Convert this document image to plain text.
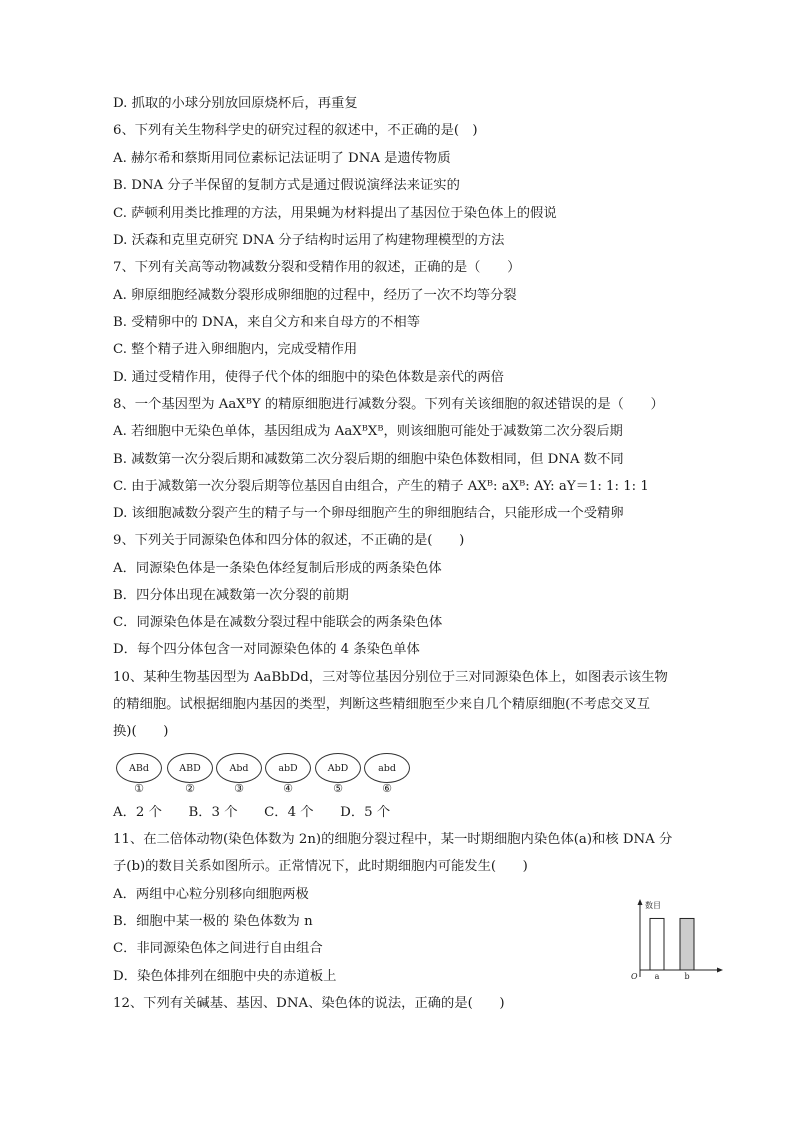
D. 抓取的小球分别放回原烧杯后，再重复
6、下列有关生物科学史的研究过程的叙述中，不正确的是(　)
A. 赫尔希和蔡斯用同位素标记法证明了 DNA 是遗传物质
B. DNA 分子半保留的复制方式是通过假说演绎法来证实的
C. 萨顿利用类比推理的方法，用果蝇为材料提出了基因位于染色体上的假说
D. 沃森和克里克研究 DNA 分子结构时运用了构建物理模型的方法
7、下列有关高等动物减数分裂和受精作用的叙述，正确的是（　　）
A. 卵原细胞经减数分裂形成卵细胞的过程中，经历了一次不均等分裂
B. 受精卵中的 DNA，来自父方和来自母方的不相等
C. 整个精子进入卵细胞内，完成受精作用
D. 通过受精作用，使得子代个体的细胞中的染色体数是亲代的两倍
8、一个基因型为 AaXᴮY 的精原细胞进行减数分裂。下列有关该细胞的叙述错误的是（　　）
A. 若细胞中无染色单体，基因组成为 AaXᴮXᴮ，则该细胞可能处于减数第二次分裂后期
B. 减数第一次分裂后期和减数第二次分裂后期的细胞中染色体数相同，但 DNA 数不同
C. 由于减数第一次分裂后期等位基因自由组合，产生的精子 AXᴮ: aXᴮ: AY: aY＝1: 1: 1: 1
D. 该细胞减数分裂产生的精子与一个卵母细胞产生的卵细胞结合，只能形成一个受精卵
9、下列关于同源染色体和四分体的叙述，不正确的是(　　)
A．同源染色体是一条染色体经复制后形成的两条染色体
B．四分体出现在减数第一次分裂的前期
C．同源染色体是在减数分裂过程中能联会的两条染色体
D．每个四分体包含一对同源染色体的 4 条染色单体
10、某种生物基因型为 AaBbDd，三对等位基因分别位于三对同源染色体上，如图表示该生物
的精细胞。试根据细胞内基因的类型，判断这些精细胞至少来自几个精原细胞(不考虑交叉互
换)(　　)
ABd
①
ABD
②
Abd
③
abD
④
AbD
⑤
abd
⑥
A．2 个　　B．3 个　　C．4 个　　D．5 个
11、在二倍体动物(染色体数为 2n)的细胞分裂过程中，某一时期细胞内染色体(a)和核 DNA 分
子(b)的数目关系如图所示。正常情况下，此时期细胞内可能发生(　　)
A．两组中心粒分别移向细胞两极
B．细胞中某一极的 染色体数为 n
C．非同源染色体之间进行自由组合
D．染色体排列在细胞中央的赤道板上
12、下列有关碱基、基因、DNA、染色体的说法，正确的是(　　)
数目
O a	b
